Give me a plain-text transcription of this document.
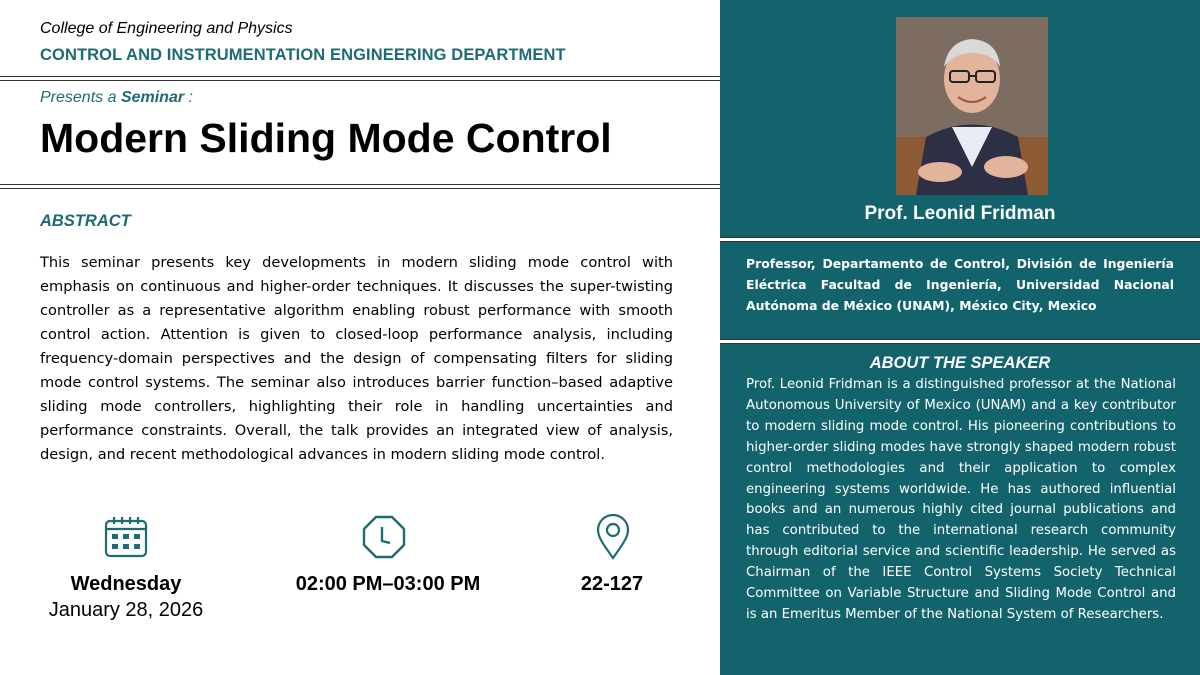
College of Engineering and Physics
CONTROL AND INSTRUMENTATION ENGINEERING DEPARTMENT
Presents a Seminar :
Modern Sliding Mode Control
ABSTRACT
This seminar presents key developments in modern sliding mode control with emphasis on continuous and higher-order techniques. It discusses the super-twisting controller as a representative algorithm enabling robust performance with smooth control action. Attention is given to closed-loop performance analysis, including frequency-domain perspectives and the design of compensating filters for sliding mode control systems. The seminar also introduces barrier function–based adaptive sliding mode controllers, highlighting their role in handling uncertainties and performance constraints. Overall, the talk provides an integrated view of analysis, design, and recent methodological advances in modern sliding mode control.
Wednesday
January 28, 2026
02:00 PM–03:00 PM	22-127
Prof. Leonid Fridman
Professor, Departamento de Control, División de Ingeniería Eléctrica Facultad de Ingeniería, Universidad Nacional Autónoma de México (UNAM), México City, Mexico
ABOUT THE SPEAKER
Prof. Leonid Fridman is a distinguished professor at the National Autonomous University of Mexico (UNAM) and a key contributor to modern sliding mode control. His pioneering contributions to higher-order sliding modes have strongly shaped modern robust control methodologies and their application to complex engineering systems worldwide. He has authored influential books and an numerous highly cited journal publications and has contributed to the international research community through editorial service and scientific leadership. He served as Chairman of the IEEE Control Systems Society Technical Committee on Variable Structure and Sliding Mode Control and is an Emeritus Member of the National System of Researchers.
